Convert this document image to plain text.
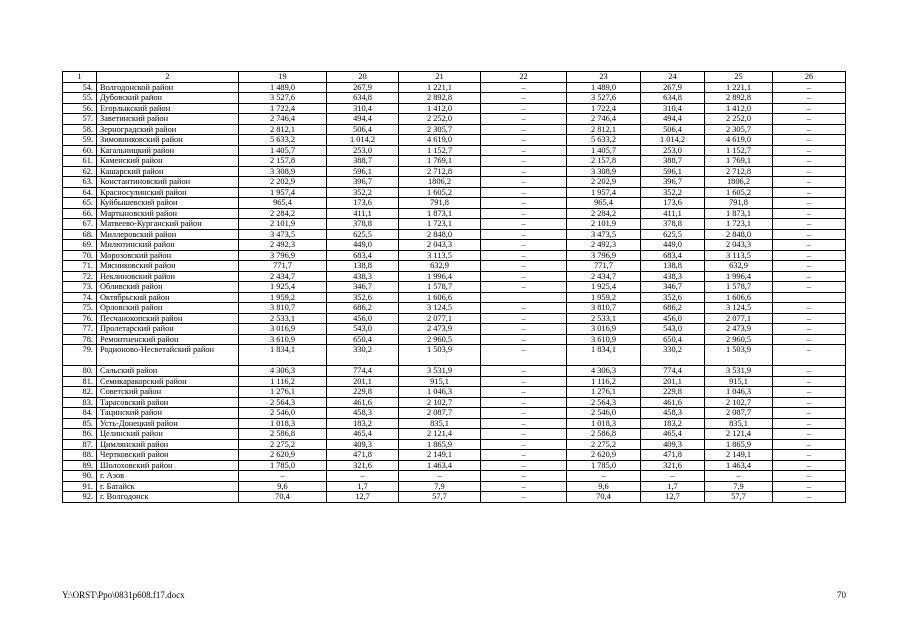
1	2	19	20	21	22	23	24	25	26
54.	Волгодонской район	1 489,0	267,9	1 221,1	–	1 489,0	267,9	1 221,1	–
55.	Дубовский район	3 527,6	634,8	2 892,8	–	3 527,6	634,8	2 892,8	–
56.	Егорлыкский район	1 722,4	310,4	1 412,0	–	1 722,4	310,4	1 412,0	–
57.	Заветинский район	2 746,4	494,4	2 252,0	–	2 746,4	494,4	2 252,0	–
58.	Зерноградский район	2 812,1	506,4	2 305,7	–	2 812,1	506,4	2 305,7	–
59.	Зимовниковский район	5 633,2	1 014,2	4 619,0	–	5 633,2	1 014,2	4 619,0	–
60.	Кагальницкий район	1 405,7	253,0	1 152,7	–	1 405,7	253,0	1 152,7	–
61.	Каменский район	2 157,8	388,7	1 769,1	–	2 157,8	388,7	1 769,1	–
62.	Кашарский район	3 308,9	596,1	2 712,8	–	3 308,9	596,1	2 712,8	–
63.	Константиновский район	2 202,9	396,7	1806,2	–	2 202,9	396,7	1806,2	–
64.	Красносулинский район	1 957,4	352,2	1 605,2	–	1 957,4	352,2	1 605,2	–
65.	Куйбышевский район	965,4	173,6	791,8	–	965,4	173,6	791,8	–
66.	Мартыновский район	2 284,2	411,1	1 873,1	–	2 284,2	411,1	1 873,1	–
67.	Матвеево-Курганский район	2 101,9	378,8	1 723,1	–	2 101,9	378,8	1 723,1	–
68.	Миллеровский район	3 473,5	625,5	2 848,0	–	3 473,5	625,5	2 848,0	–
69.	Милютинский район	2 492,3	449,0	2 043,3	–	2 492,3	449,0	2 043,3	–
70.	Морозовский район	3 796,9	683,4	3 113,5	–	3 796,9	683,4	3 113,5	–
71.	Мясниковский район	771,7	138,8	632,9	–	771,7	138,8	632,9	–
72.	Неклиновский район	2 434,7	438,3	1 996,4	–	2 434,7	438,3	1 996,4	–
73.	Обливский район	1 925,4	346,7	1 578,7	–	1 925,4	346,7	1 578,7	–
74.	Октябрьский район	1 959,2	352,6	1 606,6		1 959,2	352,6	1 606,6	
75.	Орловский район	3 810,7	686,2	3 124,5	–	3 810,7	686,2	3 124,5	–
76.	Песчанокопский район	2 533,1	456,0	2 077,1	–	2 533,1	456,0	2 077,1	–
77.	Пролетарский район	3 016,9	543,0	2 473,9	–	3 016,9	543,0	2 473,9	–
78.	Ремонтненский район	3 610,9	650,4	2 960,5	–	3 610,9	650,4	2 960,5	–
79.	Родионово-Несветайский район	1 834,1	330,2	1 503,9	–	1 834,1	330,2	1 503,9	–
80.	Сальский район	4 306,3	774,4	3 531,9	–	4 306,3	774,4	3 531,9	–
81.	Семикаракорский район	1 116,2	201,1	915,1	–	1 116,2	201,1	915,1	–
82.	Советский район	1 276,1	229,8	1 046,3	–	1 276,1	229,8	1 046,3	–
83.	Тарасовский район	2 564,3	461,6	2 102,7	–	2 564,3	461,6	2 102,7	–
84.	Тацинский район	2 546,0	458,3	2 087,7	–	2 546,0	458,3	2 087,7	–
85.	Усть-Донецкий район	1 018,3	183,2	835,1	–	1 018,3	183,2	835,1	–
86.	Целинский район	2 586,8	465,4	2 121,4	–	2 586,8	465,4	2 121,4	–
87.	Цимлянский район	2 275,2	409,3	1 865,9	–	2 275,2	409,3	1 865,9	–
88.	Чертковский район	2 620,9	471,8	2 149,1	–	2 620,9	471,8	2 149,1	–
89.	Шолоховский район	1 785,0	321,6	1 463,4	–	1 785,0	321,6	1 463,4	–
90.	г. Азов	–	–	–	–	–	–	–	–
91.	г. Батайск	9,6	1,7	7,9	–	9,6	1,7	7,9	–
92.	г. Волгодонск	70,4	12,7	57,7	–	70,4	12,7	57,7	–
Y:\ORST\Ppo\0831p608.f17.docx	70
